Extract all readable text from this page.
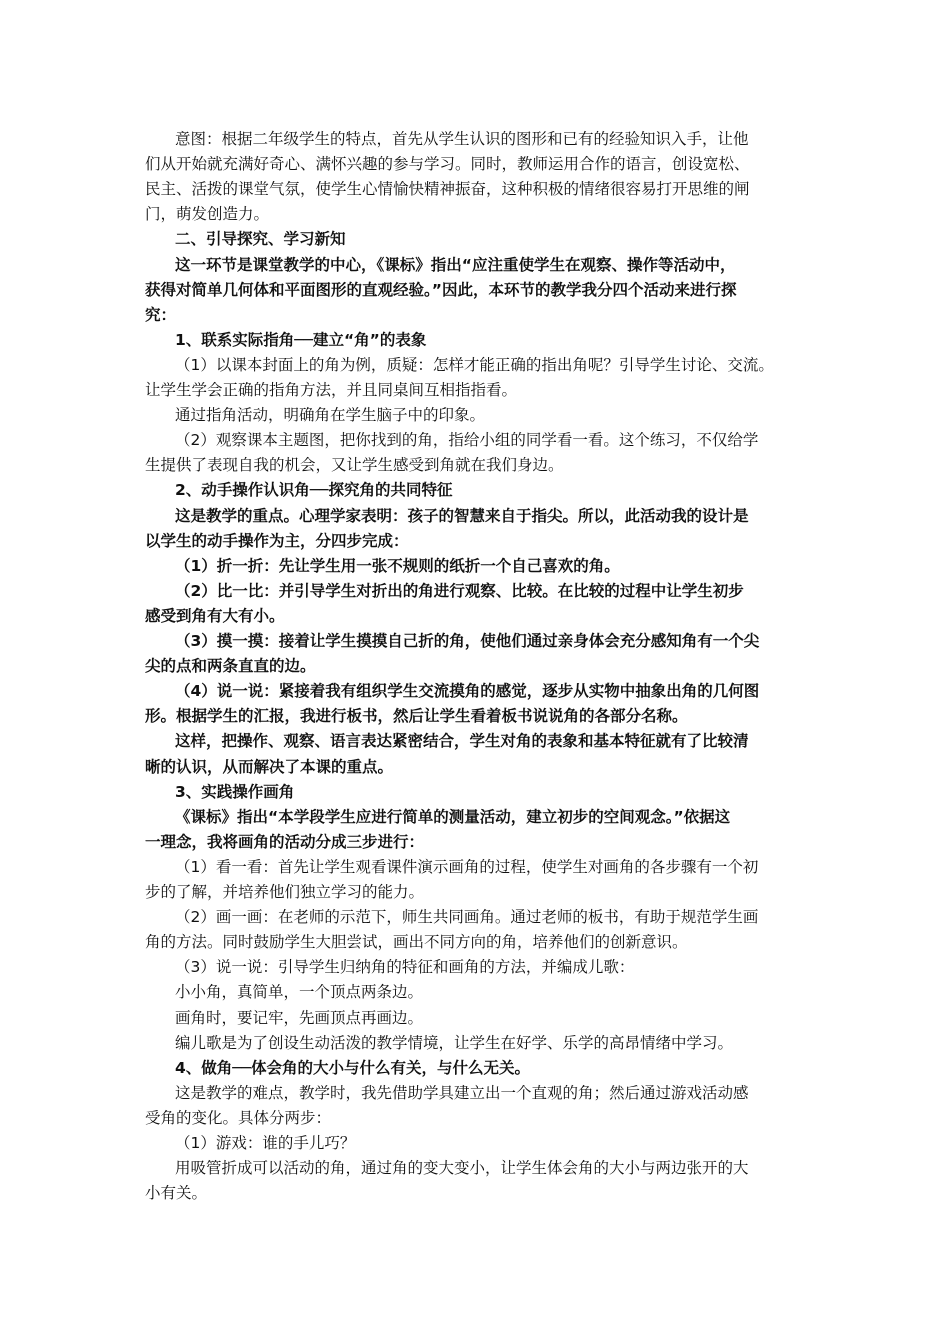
意图：根据二年级学生的特点，首先从学生认识的图形和已有的经验知识入手，让他
们从开始就充满好奇心、满怀兴趣的参与学习。同时，教师运用合作的语言，创设宽松、
民主、活拨的课堂气氛，使学生心情愉快精神振奋，这种积极的情绪很容易打开思维的闸
门，萌发创造力。
二、引导探究、学习新知
这一环节是课堂教学的中心，《课标》指出“应注重使学生在观察、操作等活动中，
获得对简单几何体和平面图形的直观经验。”因此，本环节的教学我分四个活动来进行探
究：
1、联系实际指角──建立“角”的表象
（1）以课本封面上的角为例，质疑：怎样才能正确的指出角呢？引导学生讨论、交流。
让学生学会正确的指角方法，并且同桌间互相指指看。
通过指角活动，明确角在学生脑子中的印象。
（2）观察课本主题图，把你找到的角，指给小组的同学看一看。这个练习，不仅给学
生提供了表现自我的机会，又让学生感受到角就在我们身边。
2、动手操作认识角──探究角的共同特征
这是教学的重点。心理学家表明：孩子的智慧来自于指尖。所以，此活动我的设计是
以学生的动手操作为主，分四步完成：
（1）折一折：先让学生用一张不规则的纸折一个自己喜欢的角。
（2）比一比：并引导学生对折出的角进行观察、比较。在比较的过程中让学生初步
感受到角有大有小。
（3）摸一摸：接着让学生摸摸自己折的角，使他们通过亲身体会充分感知角有一个尖
尖的点和两条直直的边。
（4）说一说：紧接着我有组织学生交流摸角的感觉，逐步从实物中抽象出角的几何图
形。根据学生的汇报，我进行板书，然后让学生看着板书说说角的各部分名称。
这样，把操作、观察、语言表达紧密结合，学生对角的表象和基本特征就有了比较清
晰的认识，从而解决了本课的重点。
3、实践操作画角
《课标》指出“本学段学生应进行简单的测量活动，建立初步的空间观念。”依据这
一理念，我将画角的活动分成三步进行：
（1）看一看：首先让学生观看课件演示画角的过程，使学生对画角的各步骤有一个初
步的了解，并培养他们独立学习的能力。
（2）画一画：在老师的示范下，师生共同画角。通过老师的板书，有助于规范学生画
角的方法。同时鼓励学生大胆尝试，画出不同方向的角，培养他们的创新意识。
（3）说一说：引导学生归纳角的特征和画角的方法，并编成儿歌：
小小角，真简单，一个顶点两条边。
画角时，要记牢，先画顶点再画边。
编儿歌是为了创设生动活泼的教学情境，让学生在好学、乐学的高昂情绪中学习。
4、做角──体会角的大小与什么有关，与什么无关。
这是教学的难点，教学时，我先借助学具建立出一个直观的角；然后通过游戏活动感
受角的变化。具体分两步：
（1）游戏：谁的手儿巧？
用吸管折成可以活动的角，通过角的变大变小，让学生体会角的大小与两边张开的大
小有关。
